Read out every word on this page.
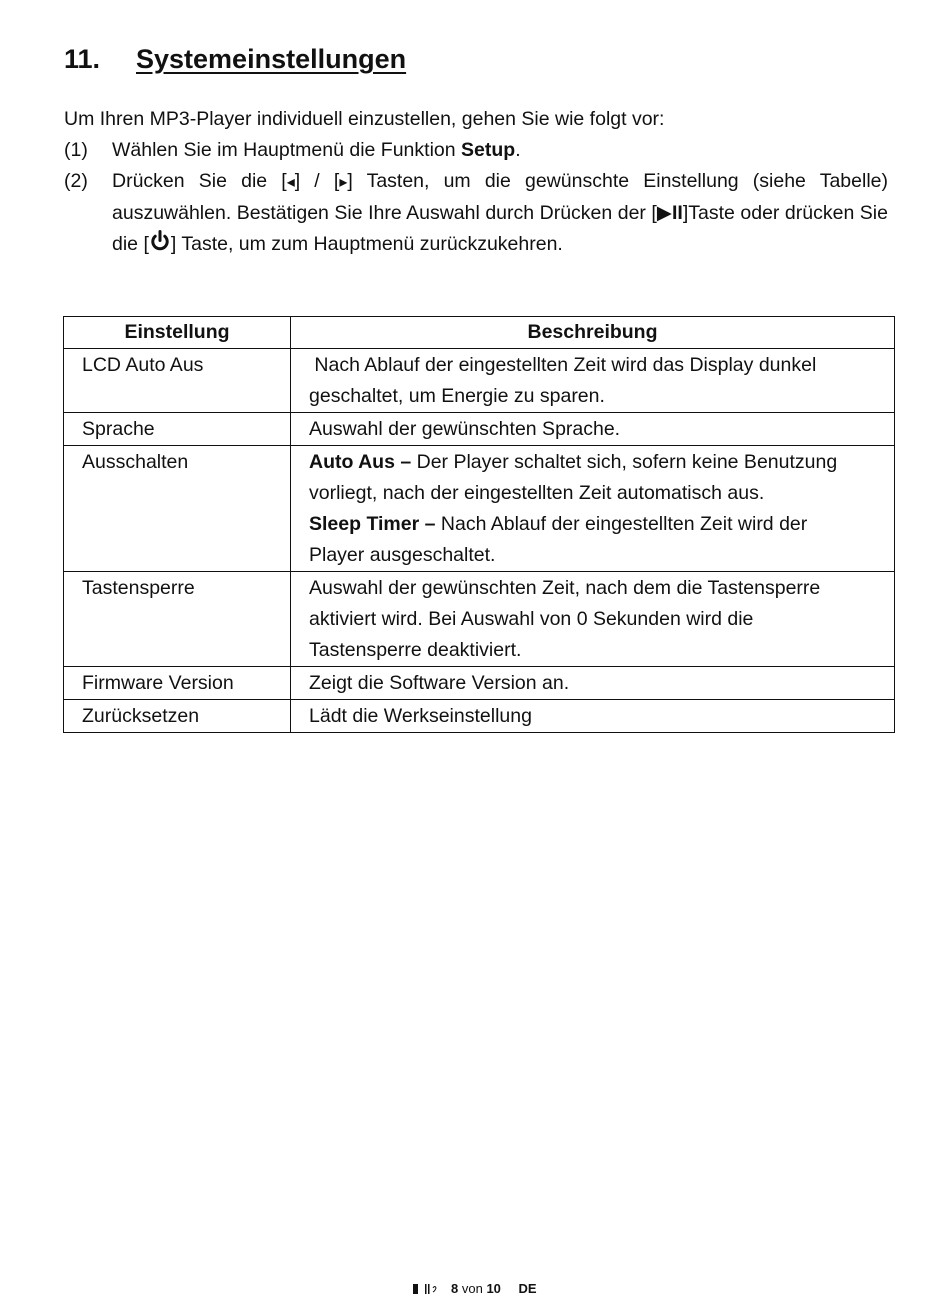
11. Systemeinstellungen
Um Ihren MP3-Player individuell einzustellen, gehen Sie wie folgt vor:
(1) Wählen Sie im Hauptmenü die Funktion Setup.
(2) Drücken Sie die [◂] / [▸] Tasten, um die gewünschte Einstellung (siehe Tabelle) auszuwählen. Bestätigen Sie Ihre Auswahl durch Drücken der [▶II]Taste oder drücken Sie die [ ] Taste, um zum Hauptmenü zurückzukehren.
Einstellung	Beschreibung
LCD Auto Aus	Nach Ablauf der eingestellten Zeit wird das Display dunkel
geschaltet, um Energie zu sparen.

Sprache	Auswahl der gewünschten Sprache.

Ausschalten	Auto Aus – Der Player schaltet sich, sofern keine Benutzung
vorliegt, nach der eingestellten Zeit automatisch aus.
Sleep Timer – Nach Ablauf der eingestellten Zeit wird der
Player ausgeschaltet.

Tastensperre	Auswahl der gewünschten Zeit, nach dem die Tastensperre
aktiviert wird. Bei Auswahl von 0 Sekunden wird die
Tastensperre deaktiviert.

Firmware Version	Zeigt die Software Version an.

Zurücksetzen	Lädt die Werkseinstellung
8 von 10 DE
